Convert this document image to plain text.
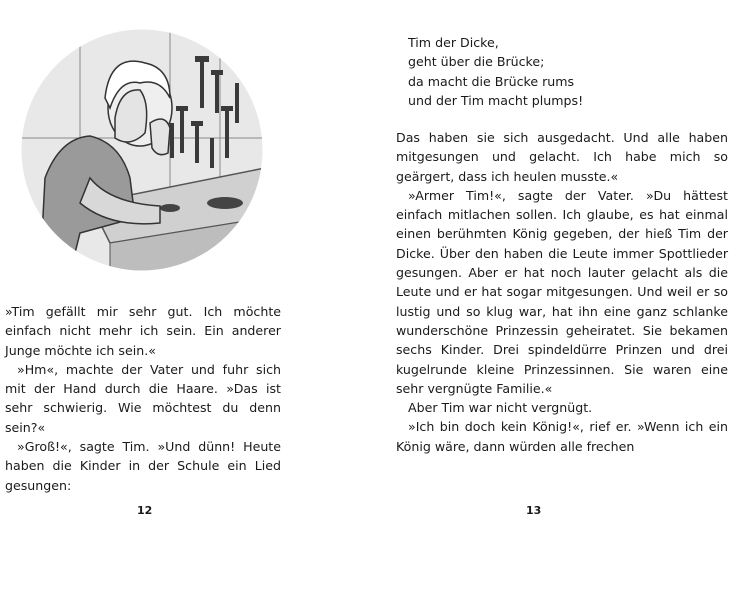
»Tim gefällt mir sehr gut. Ich möchte einfach nicht mehr ich sein. Ein anderer Junge möchte ich sein.«

»Hm«, machte der Vater und fuhr sich mit der Hand durch die Haare. »Das ist sehr schwierig. Wie möchtest du denn sein?«

»Groß!«, sagte Tim. »Und dünn! Heute haben die Kinder in der Schule ein Lied gesungen:

12
Tim der Dicke,
geht über die Brücke;
da macht die Brücke rums
und der Tim macht plumps!

Das haben sie sich ausgedacht. Und alle haben mitgesungen und gelacht. Ich habe mich so geärgert, dass ich heulen musste.«

»Armer Tim!«, sagte der Vater. »Du hättest einfach mitlachen sollen. Ich glaube, es hat einmal einen berühmten König gegeben, der hieß Tim der Dicke. Über den haben die Leute immer Spottlieder gesungen. Aber er hat noch lauter gelacht als die Leute und er hat sogar mitgesungen. Und weil er so lustig und so klug war, hat ihn eine ganz schlanke wunderschöne Prinzessin geheiratet. Sie bekamen sechs Kinder. Drei spindeldürre Prinzen und drei kugelrunde kleine Prinzessinnen. Sie waren eine sehr vergnügte Familie.«

Aber Tim war nicht vergnügt.

»Ich bin doch kein König!«, rief er. »Wenn ich ein König wäre, dann würden alle frechen

13
